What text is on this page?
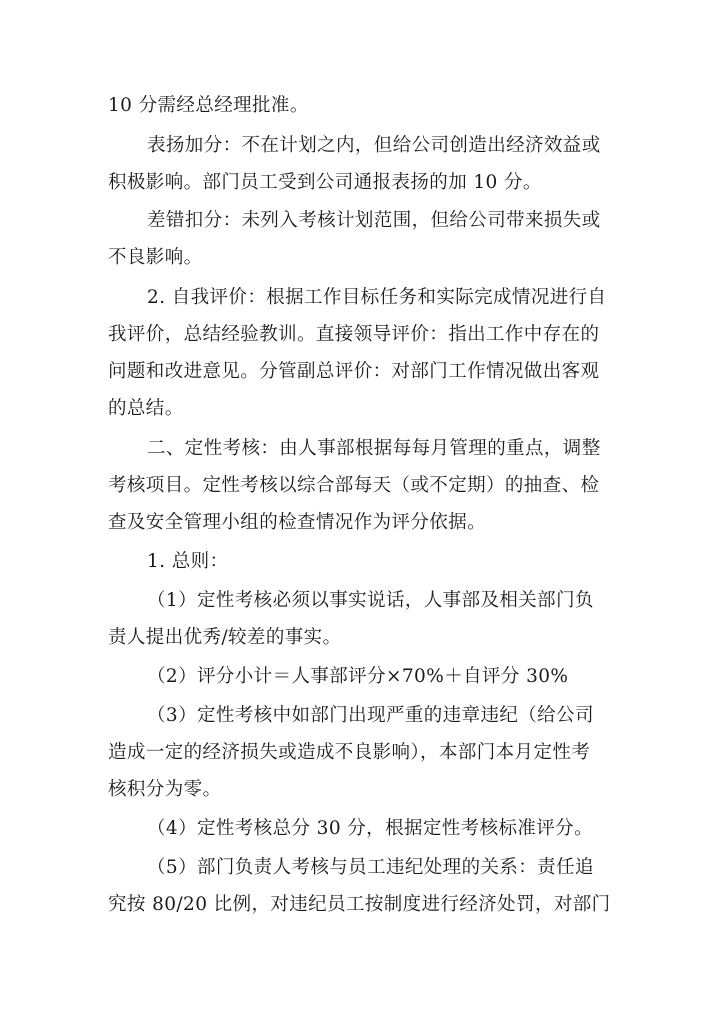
10 分需经总经理批准。
表扬加分：不在计划之内，但给公司创造出经济效益或
积极影响。部门员工受到公司通报表扬的加 10 分。
差错扣分：未列入考核计划范围，但给公司带来损失或
不良影响。
2. 自我评价：根据工作目标任务和实际完成情况进行自
我评价，总结经验教训。直接领导评价：指出工作中存在的
问题和改进意见。分管副总评价：对部门工作情况做出客观
的总结。
二、定性考核：由人事部根据每每月管理的重点，调整
考核项目。定性考核以综合部每天（或不定期）的抽查、检
查及安全管理小组的检查情况作为评分依据。
1. 总则：
（1）定性考核必须以事实说话，人事部及相关部门负
责人提出优秀/较差的事实。
（2）评分小计＝人事部评分×70%＋自评分 30%
（3）定性考核中如部门出现严重的违章违纪（给公司
造成一定的经济损失或造成不良影响），本部门本月定性考
核积分为零。
（4）定性考核总分 30 分，根据定性考核标准评分。
（5）部门负责人考核与员工违纪处理的关系：责任追
究按 80/20 比例，对违纪员工按制度进行经济处罚，对部门
